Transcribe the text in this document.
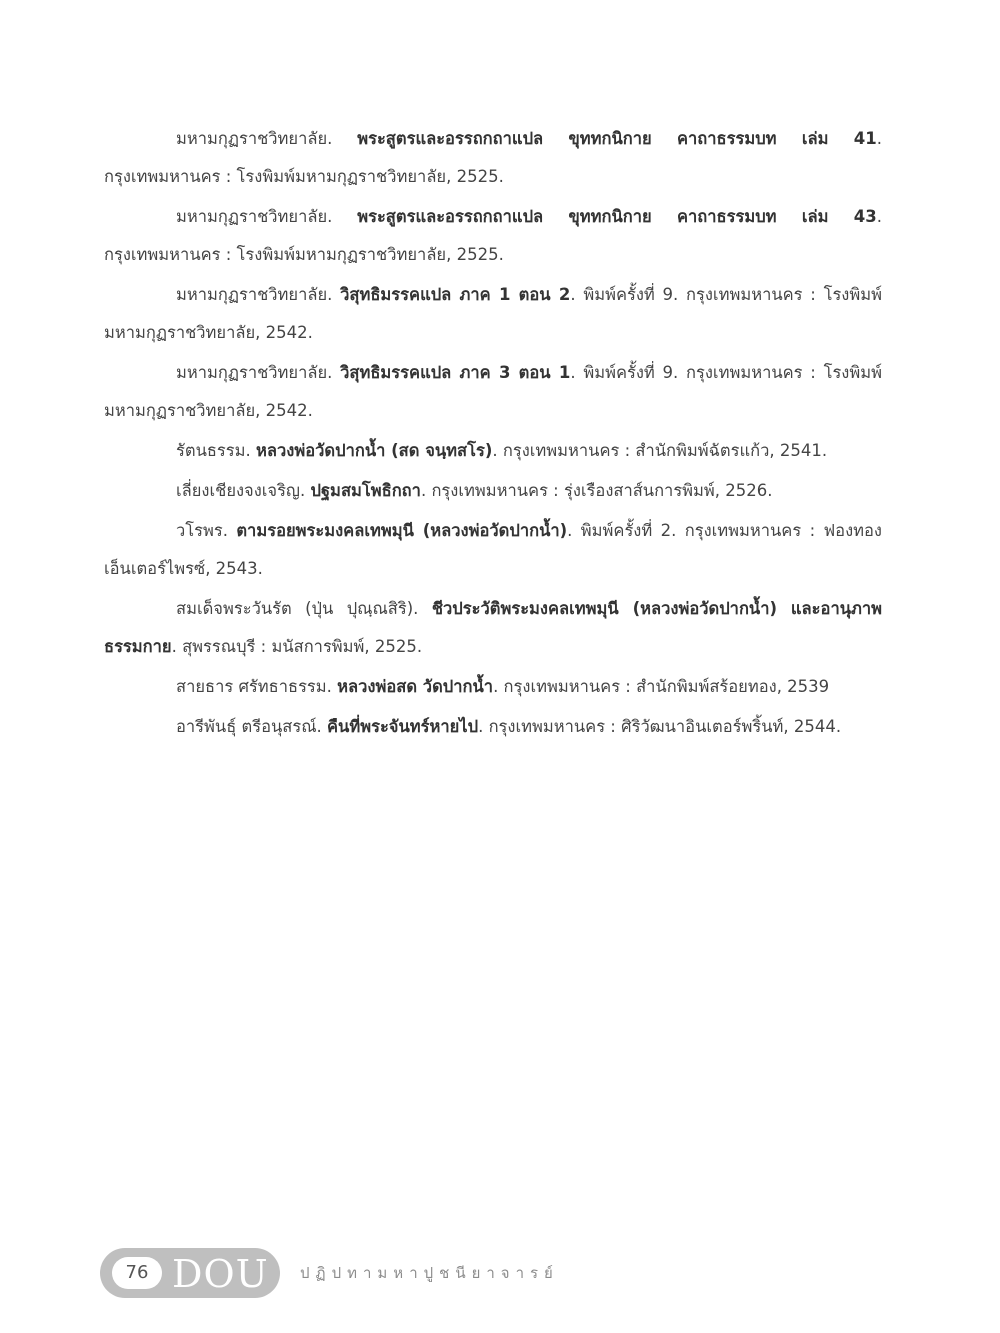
มหามกุฏราชวิทยาลัย. พระสูตรและอรรถกถาแปล ขุททกนิกาย คาถาธรรมบท เล่ม 41. กรุงเทพมหานคร : โรงพิมพ์มหามกุฏราชวิทยาลัย, 2525.

มหามกุฏราชวิทยาลัย. พระสูตรและอรรถกถาแปล ขุททกนิกาย คาถาธรรมบท เล่ม 43. กรุงเทพมหานคร : โรงพิมพ์มหามกุฏราชวิทยาลัย, 2525.

มหามกุฏราชวิทยาลัย. วิสุทธิมรรคแปล ภาค 1 ตอน 2. พิมพ์ครั้งที่ 9. กรุงเทพมหานคร : โรงพิมพ์มหามกุฏราชวิทยาลัย, 2542.

มหามกุฏราชวิทยาลัย. วิสุทธิมรรคแปล ภาค 3 ตอน 1. พิมพ์ครั้งที่ 9. กรุงเทพมหานคร : โรงพิมพ์มหามกุฏราชวิทยาลัย, 2542.

รัตนธรรม. หลวงพ่อวัดปากน้ำ (สด จนฺทสโร). กรุงเทพมหานคร : สำนักพิมพ์ฉัตรแก้ว, 2541.

เลี่ยงเชียงจงเจริญ. ปฐมสมโพธิกถา. กรุงเทพมหานคร : รุ่งเรืองสาส์นการพิมพ์, 2526.

วโรพร. ตามรอยพระมงคลเทพมุนี (หลวงพ่อวัดปากน้ำ). พิมพ์ครั้งที่ 2. กรุงเทพมหานคร : ฟองทองเอ็นเตอร์ไพรซ์, 2543.

สมเด็จพระวันรัต (ปุ่น ปุณฺณสิริ). ชีวประวัติพระมงคลเทพมุนี (หลวงพ่อวัดปากน้ำ) และอานุภาพธรรมกาย. สุพรรณบุรี : มนัสการพิมพ์, 2525.

สายธาร ศรัทธาธรรม. หลวงพ่อสด วัดปากน้ำ. กรุงเทพมหานคร : สำนักพิมพ์สร้อยทอง, 2539

อารีพันธุ์ ตรีอนุสรณ์. คืนที่พระจันทร์หายไป. กรุงเทพมหานคร : ศิริวัฒนาอินเตอร์พริ้นท์, 2544.

76 DOU ปฏิปทามหาปูชนียาจารย์
